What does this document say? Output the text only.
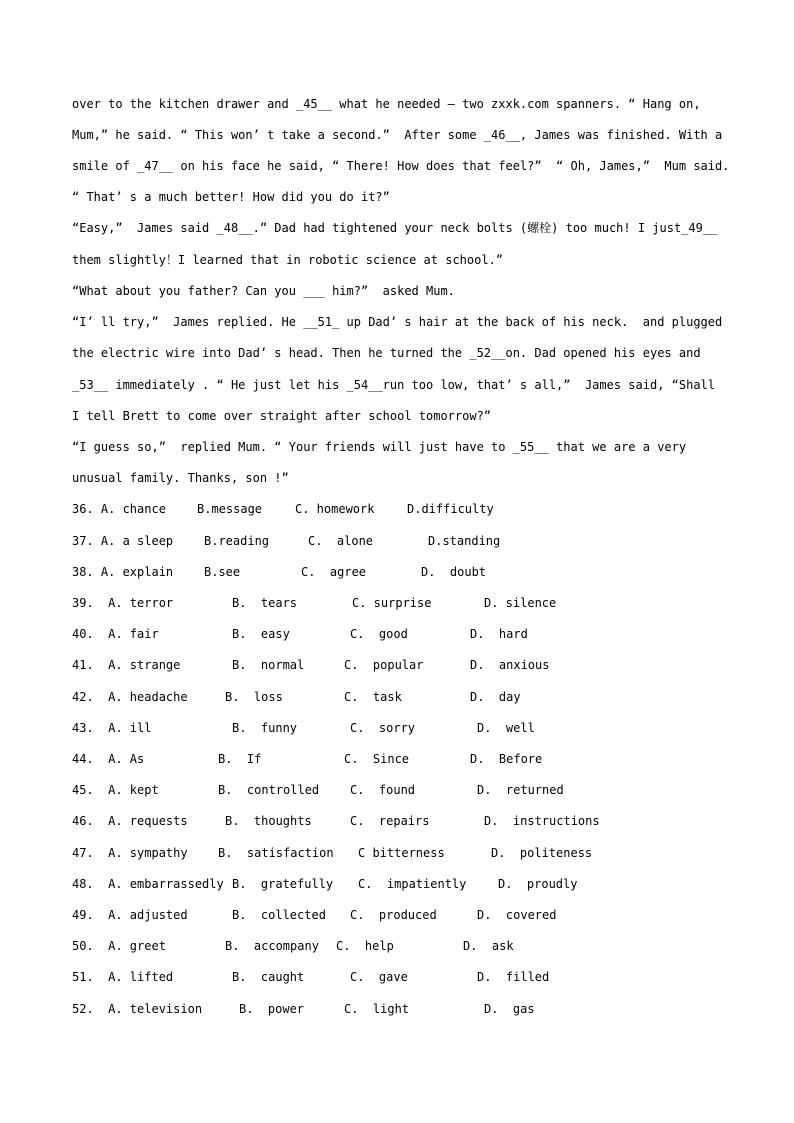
over to the kitchen drawer and _45__ what he needed – two zxxk.com spanners. “ Hang on,
Mum,” he said. “ This won’ t take a second.”  After some _46__, James was finished. With a
smile of _47__ on his face he said, “ There! How does that feel?”  “ Oh, James,”  Mum said.
“ That’ s a much better! How did you do it?”
“Easy,”  James said _48__.” Dad had tightened your neck bolts (螺栓) too much! I just_49__
them slightly！I learned that in robotic science at school.”
“What about you father? Can you ___ him?”  asked Mum.
“I’ ll try,”  James replied. He __51_ up Dad’ s hair at the back of his neck.  and plugged
the electric wire into Dad’ s head. Then he turned the _52__on. Dad opened his eyes and
_53__ immediately . “ He just let his _54__run too low, that’ s all,”  James said, “Shall
I tell Brett to come over straight after school tomorrow?”
“I guess so,”  replied Mum. “ Your friends will just have to _55__ that we are a very
unusual family. Thanks, son !”

36. A. chance

	B.message

	C. homework

	D.difficulty

37. A. a sleep

	B.reading

	C.  alone

	D.standing

38. A. explain

	B.see

	C.  agree

	D.  doubt

39.  A. terror

	B.  tears

	C. surprise

	D. silence

40.  A. fair

	B.  easy

	C.  good

	D.  hard

41.  A. strange

	B.  normal

	C.  popular

	D.  anxious

42.  A. headache

	B.  loss

	C.  task

	D.  day

43.  A. ill

	B.  funny

	C.  sorry

	D.  well

44.  A. As

	B.  If

	C.  Since

	D.  Before

45.  A. kept

	B.  controlled

	C.  found

	D.  returned

46.  A. requests

	B.  thoughts

	C.  repairs

	D.  instructions

47.  A. sympathy

	B.  satisfaction

C bitterness

	D.  politeness

48.  A. embarrassedly

B.  gratefully

C.  impatiently

	D.  proudly

49.  A. adjusted

	B.  collected

C.  produced

	D.  covered

50.  A. greet

	B.  accompany

C.  help

	D.  ask

51.  A. lifted

	B.  caught

	C.  gave

	D.  filled

52.  A. television

	B.  power

	C.  light

	D.  gas
